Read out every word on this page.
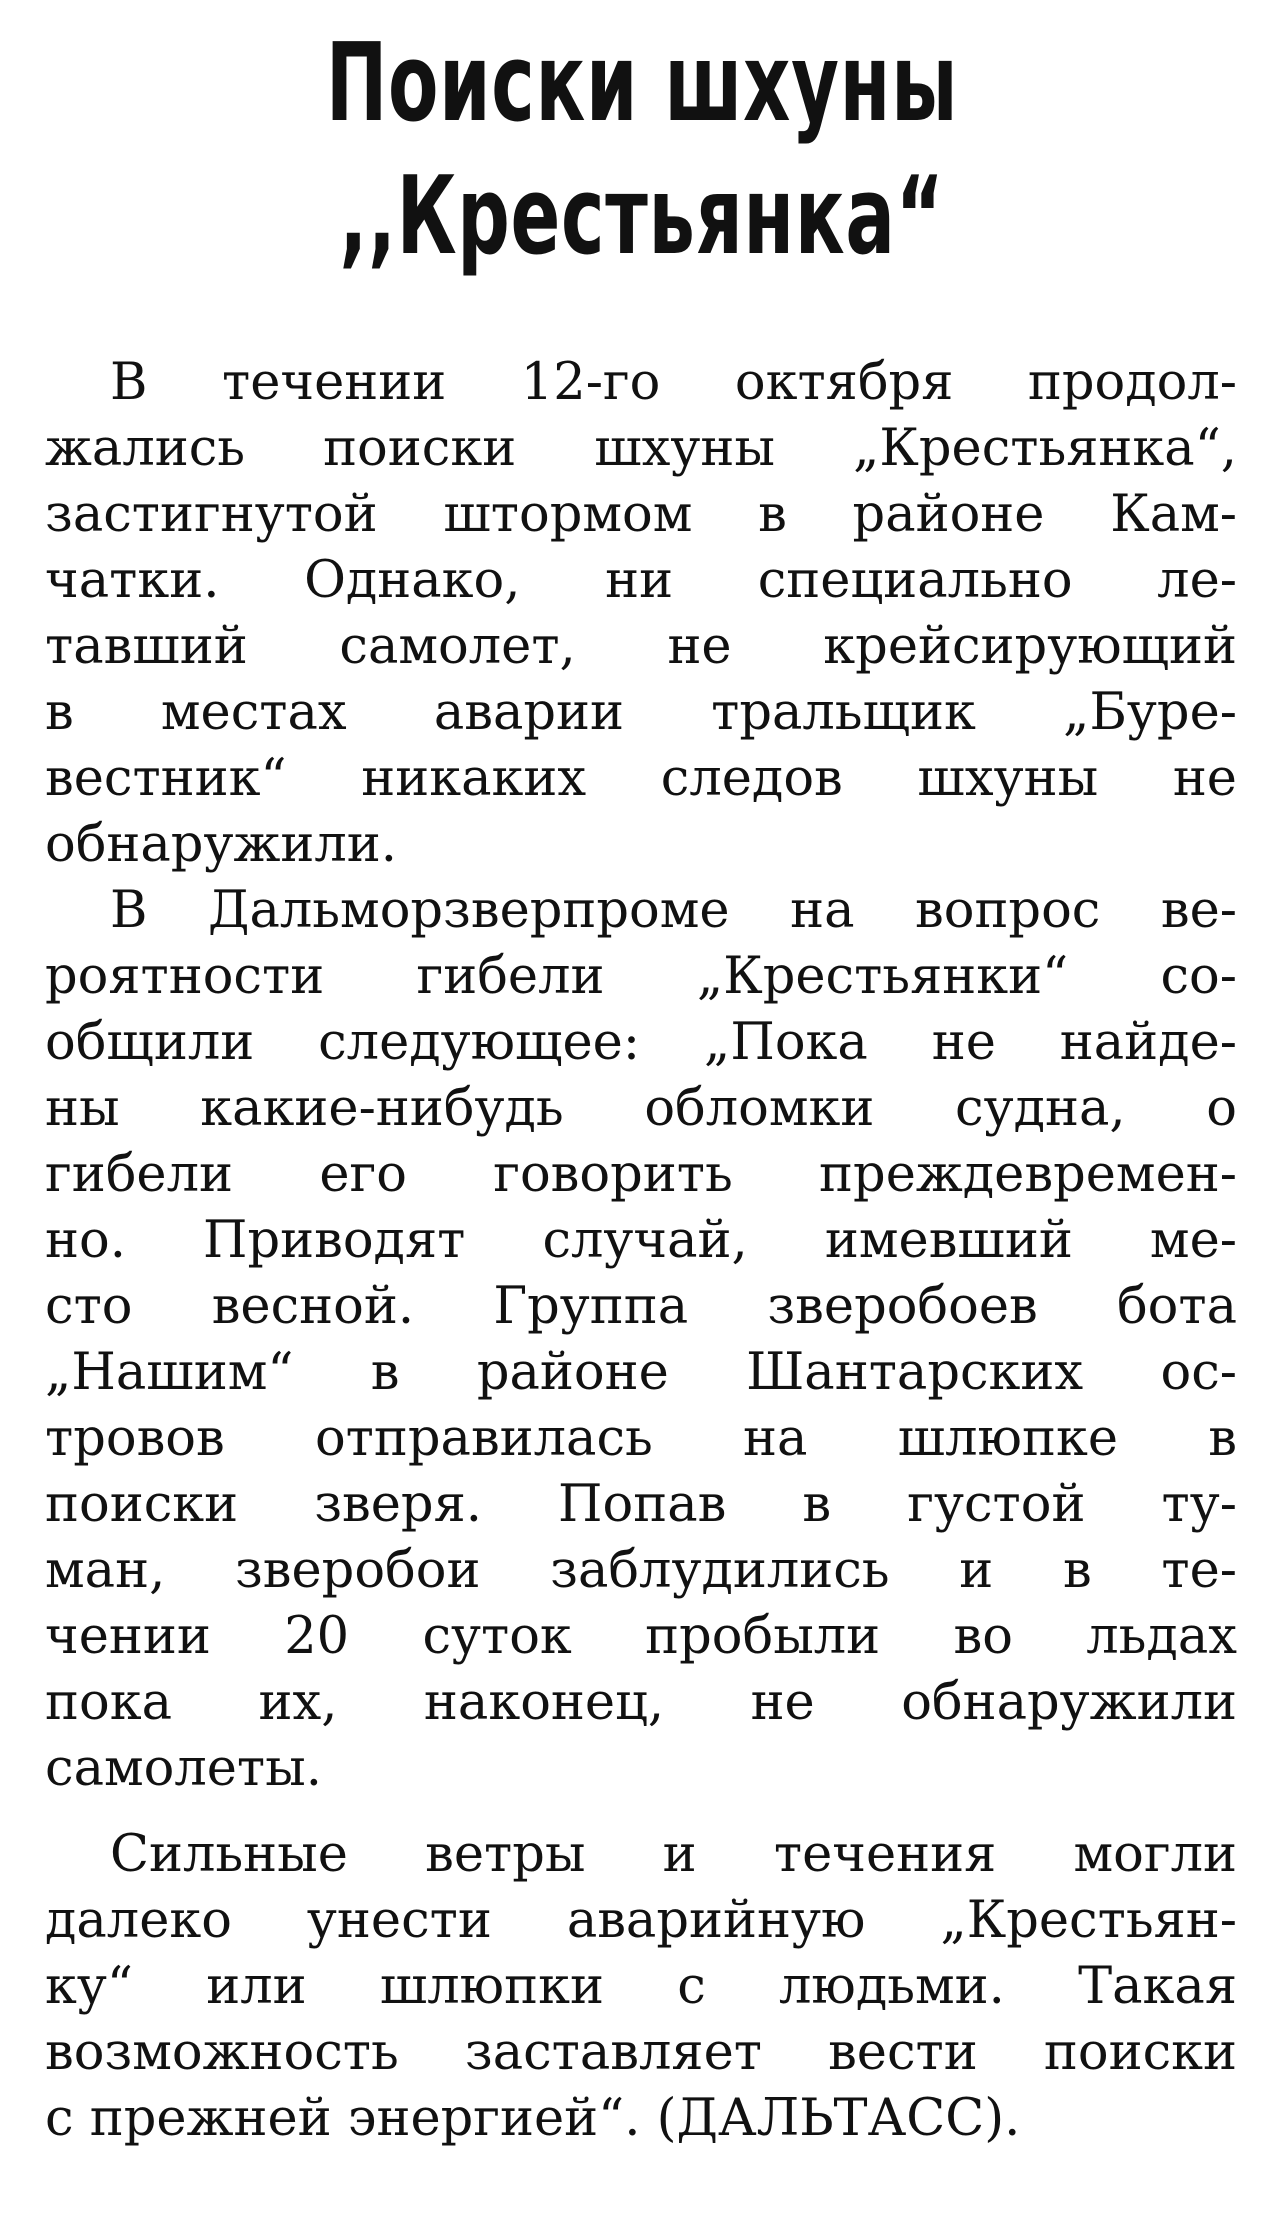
Поиски шхуны
,,Крестьянка“
В течении 12-го октября продол-
жались поиски шхуны „Крестьянка“,
застигнутой штормом в районе Кам-
чатки. Однако, ни специально ле-
тавший самолет, не крейсирующий
в местах аварии тральщик „Буре-
вестник“ никаких следов шхуны не
обнаружили.
В Дальморзверпроме на вопрос ве-
роятности гибели „Крестьянки“ со-
общили следующее: „Пока не найде-
ны какие-нибудь обломки судна, о
гибели его говорить преждевремен-
но. Приводят случай, имевший ме-
сто весной. Группа зверобоев бота
„Нашим“ в районе Шантарских ос-
тровов отправилась на шлюпке в
поиски зверя. Попав в густой ту-
ман, зверобои заблудились и в те-
чении 20 суток пробыли во льдах
пока их, наконец, не обнаружили
самолеты.
Сильные ветры и течения могли
далеко унести аварийную „Крестьян-
ку“ или шлюпки с людьми. Такая
возможность заставляет вести поиски
с прежней энергией“. (ДАЛЬТАСС).
